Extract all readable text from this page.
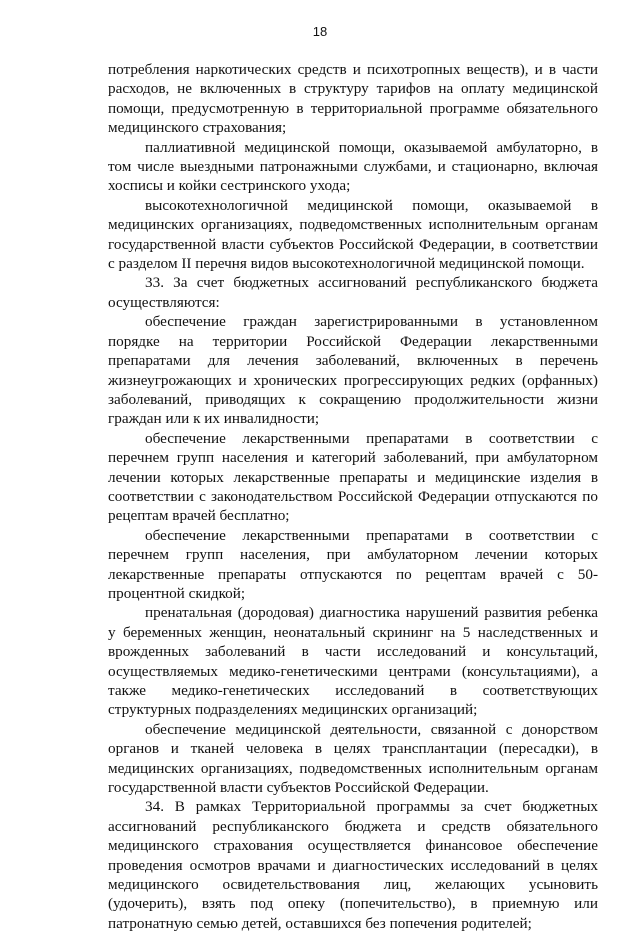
18

потребления наркотических средств и психотропных веществ), и в части расходов, не включенных в структуру тарифов на оплату медицинской помощи, предусмотренную в территориальной программе обязательного медицинского страхования;

паллиативной медицинской помощи, оказываемой амбулаторно, в том числе выездными патронажными службами, и стационарно, включая хосписы и койки сестринского ухода;

высокотехнологичной медицинской помощи, оказываемой в медицинских организациях, подведомственных исполнительным органам государственной власти субъектов Российской Федерации, в соответствии с разделом II перечня видов высокотехнологичной медицинской помощи.

33. За счет бюджетных ассигнований республиканского бюджета осуществляются:

обеспечение граждан зарегистрированными в установленном порядке на территории Российской Федерации лекарственными препаратами для лечения заболеваний, включенных в перечень жизнеугрожающих и хронических прогрессирующих редких (орфанных) заболеваний, приводящих к сокращению продолжительности жизни граждан или к их инвалидности;

обеспечение лекарственными препаратами в соответствии с перечнем групп населения и категорий заболеваний, при амбулаторном лечении которых лекарственные препараты и медицинские изделия в соответствии с законодательством Российской Федерации отпускаются по рецептам врачей бесплатно;

обеспечение лекарственными препаратами в соответствии с перечнем групп населения, при амбулаторном лечении которых лекарственные препараты отпускаются по рецептам врачей с 50-процентной скидкой;

пренатальная (дородовая) диагностика нарушений развития ребенка у беременных женщин, неонатальный скрининг на 5 наследственных и врожденных заболеваний в части исследований и консультаций, осуществляемых медико-генетическими центрами (консультациями), а также медико-генетических исследований в соответствующих структурных подразделениях медицинских организаций;

обеспечение медицинской деятельности, связанной с донорством органов и тканей человека в целях трансплантации (пересадки), в медицинских организациях, подведомственных исполнительным органам государственной власти субъектов Российской Федерации.

34. В рамках Территориальной программы за счет бюджетных ассигнований республиканского бюджета и средств обязательного медицинского страхования осуществляется финансовое обеспечение проведения осмотров врачами и диагностических исследований в целях медицинского освидетельствования лиц, желающих усыновить (удочерить), взять под опеку (попечительство), в приемную или патронатную семью детей, оставшихся без попечения родителей;
